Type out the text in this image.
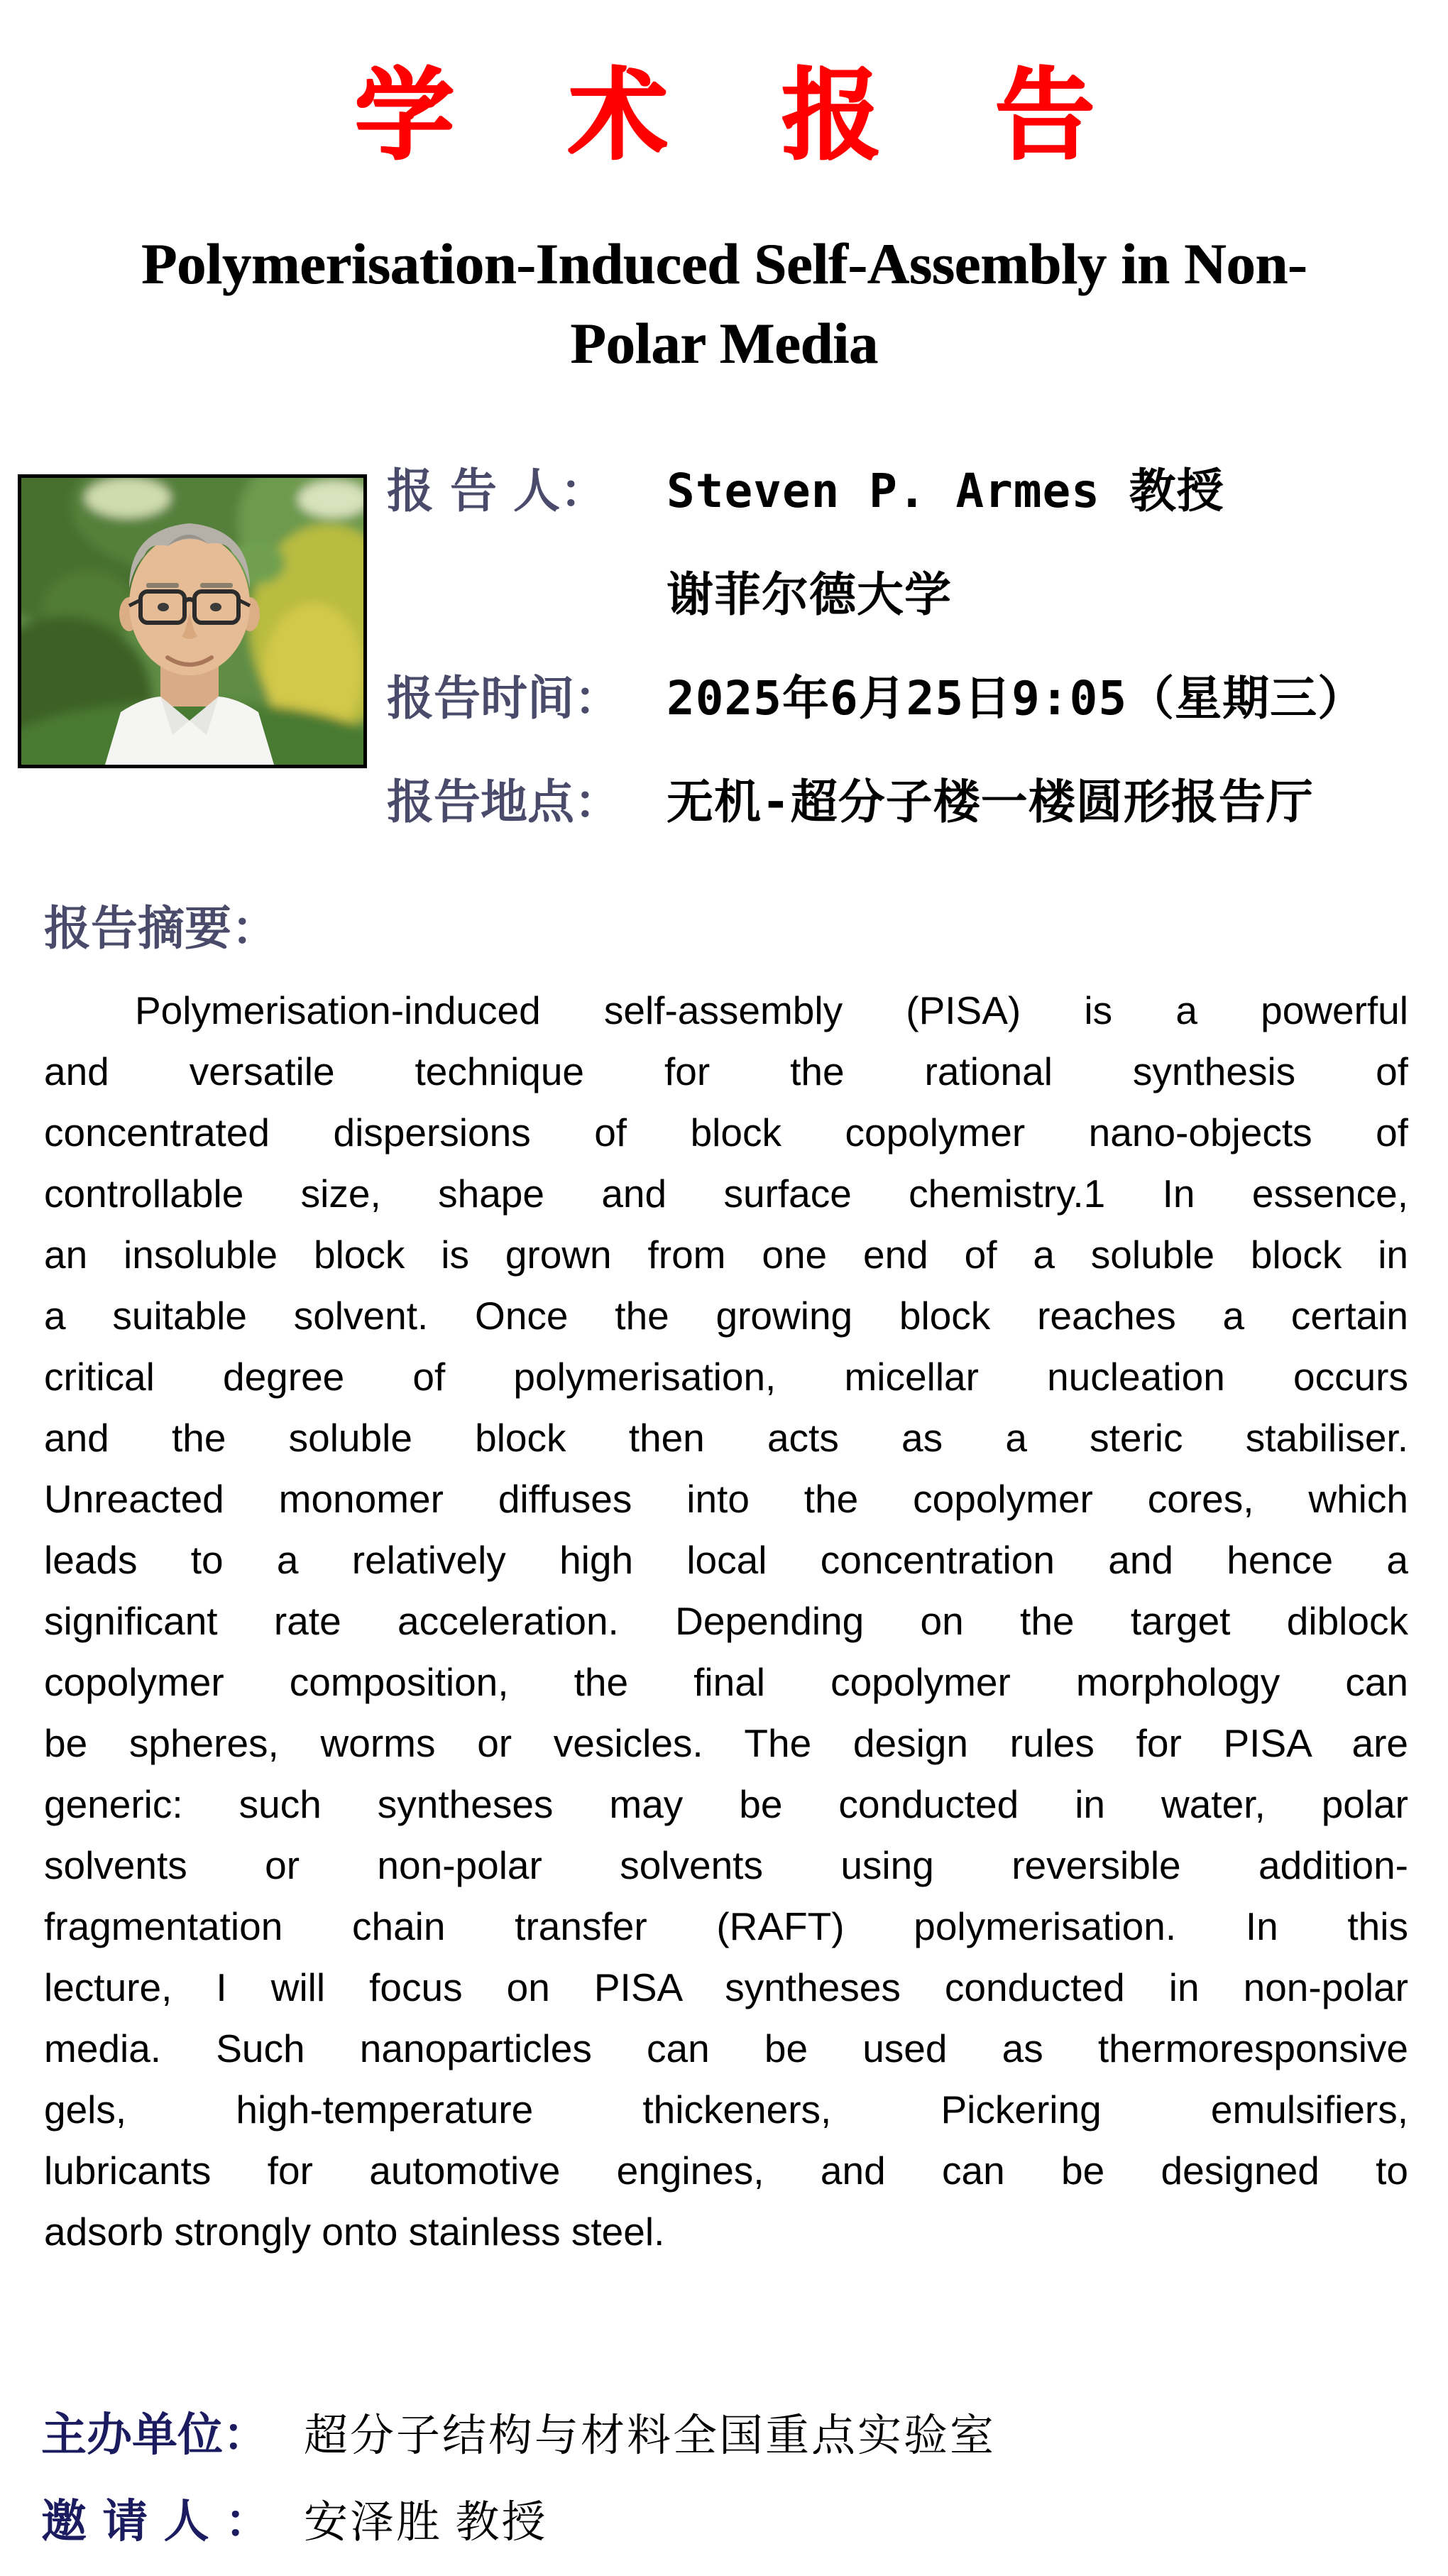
学 术 报 告
Polymerisation-Induced Self-Assembly in Non-
Polar Media
报 告 人：	Steven P. Armes 教授
谢菲尔德大学
报告时间： 2025年6月25日9:05（星期三）
报告地点： 无机-超分子楼一楼圆形报告厅
报告摘要：
Polymerisation-induced self-assembly (PISA) is a powerful
and versatile technique for the rational synthesis of
concentrated dispersions of block copolymer nano-objects of
controllable size, shape and surface chemistry.1 In essence,
an insoluble block is grown from one end of a soluble block in
a suitable solvent. Once the growing block reaches a certain
critical degree of polymerisation, micellar nucleation occurs
and the soluble block then acts as a steric stabiliser.
Unreacted monomer diffuses into the copolymer cores, which
leads to a relatively high local concentration and hence a
significant rate acceleration. Depending on the target diblock
copolymer composition, the final copolymer morphology can
be spheres, worms or vesicles. The design rules for PISA are
generic: such syntheses may be conducted in water, polar
solvents or non-polar solvents using reversible addition-
fragmentation chain transfer (RAFT) polymerisation. In this
lecture, I will focus on PISA syntheses conducted in non-polar
media. Such nanoparticles can be used as thermoresponsive
gels, high-temperature thickeners, Pickering emulsifiers,
lubricants for automotive engines, and can be designed to
adsorb strongly onto stainless steel.
主办单位： 超分子结构与材料全国重点实验室
邀 请 人 ： 安泽胜 教授
